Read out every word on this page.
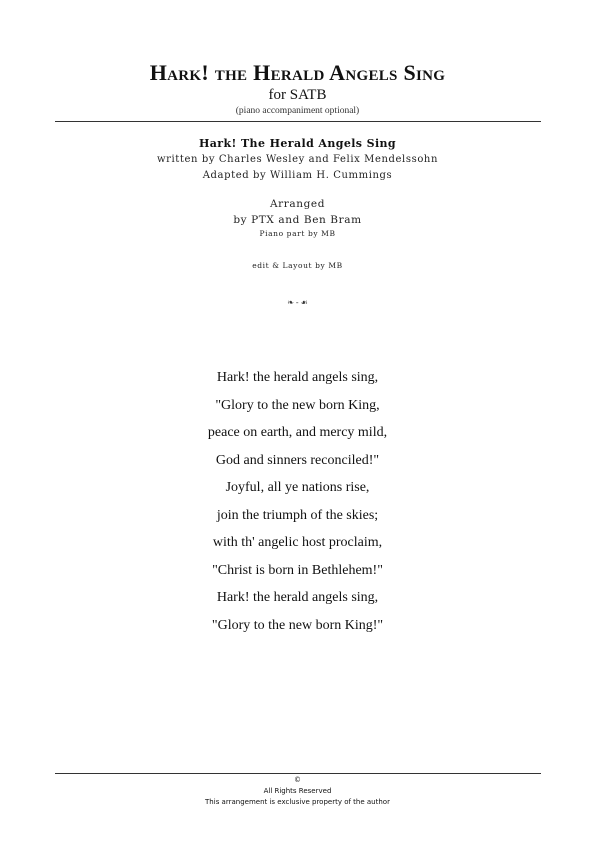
Hark! the Herald Angels Sing
for SATB
(piano accompaniment optional)
Hark! The Herald Angels Sing
written by Charles Wesley and Felix Mendelssohn
Adapted by William H. Cummings
Arranged
by PTX and Ben Bram
Piano part by MB
edit & Layout by MB
❧ - ☙
Hark! the herald angels sing,
"Glory to the new born King,
peace on earth, and mercy mild,
God and sinners reconciled!"
Joyful, all ye nations rise,
join the triumph of the skies;
with th' angelic host proclaim,
"Christ is born in Bethlehem!"
Hark! the herald angels sing,
"Glory to the new born King!"
©
All Rights Reserved
This arrangement is exclusive property of the author
